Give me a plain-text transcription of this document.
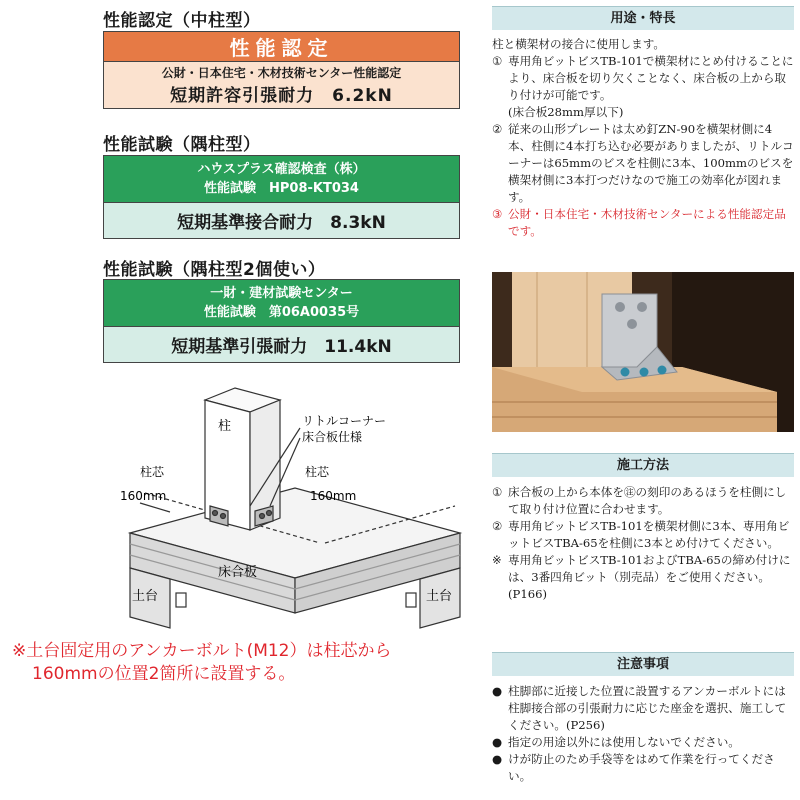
性能認定（中柱型）
性能認定
公財・日本住宅・木材技術センター性能認定
短期許容引張耐力　6.2kN
性能試験（隅柱型）
ハウスプラス確認検査（株）
性能試験　HP08-KT034
短期基準接合耐力　8.3kN
性能試験（隅柱型2個使い）
一財・建材試験センター
性能試験　第06A0035号
短期基準引張耐力　11.4kN
柱	リトルコーナー
床合板仕様
柱芯
160mm
柱芯
160mm
床合板
土台	土台
※土台固定用のアンカーボルト(M12）は柱芯から
160mmの位置2箇所に設置する。
用途・特長
柱と横架材の接合に使用します。
① 専用角ビットビスTB-101で横架材にとめ付けることにより、床合板を切り欠くことなく、床合板の上から取り付けが可能です。
(床合板28mm厚以下)
② 従来の山形プレートは太め釘ZN-90を横架材側に4本、柱側に4本打ち込む必要がありましたが、リトルコーナーは65mmのビスを柱側に3本、100mmのビスを横架材側に3本打つだけなので施工の効率化が図れます。
③ 公財・日本住宅・木材技術センターによる性能認定品です。
施工方法
① 床合板の上から本体を㊟の刻印のあるほうを柱側にして取り付け位置に合わせます。
② 専用角ビットビスTB-101を横架材側に3本、専用角ビットビスTBA-65を柱側に3本とめ付けてください。
※ 専用角ビットビスTB-101およびTBA-65の締め付けには、3番四角ビット（別売品）をご使用ください。(P166)
注意事項
● 柱脚部に近接した位置に設置するアンカーボルトには柱脚接合部の引張耐力に応じた座金を選択、施工してください。(P256)
● 指定の用途以外には使用しないでください。
● けが防止のため手袋等をはめて作業を行ってください。
